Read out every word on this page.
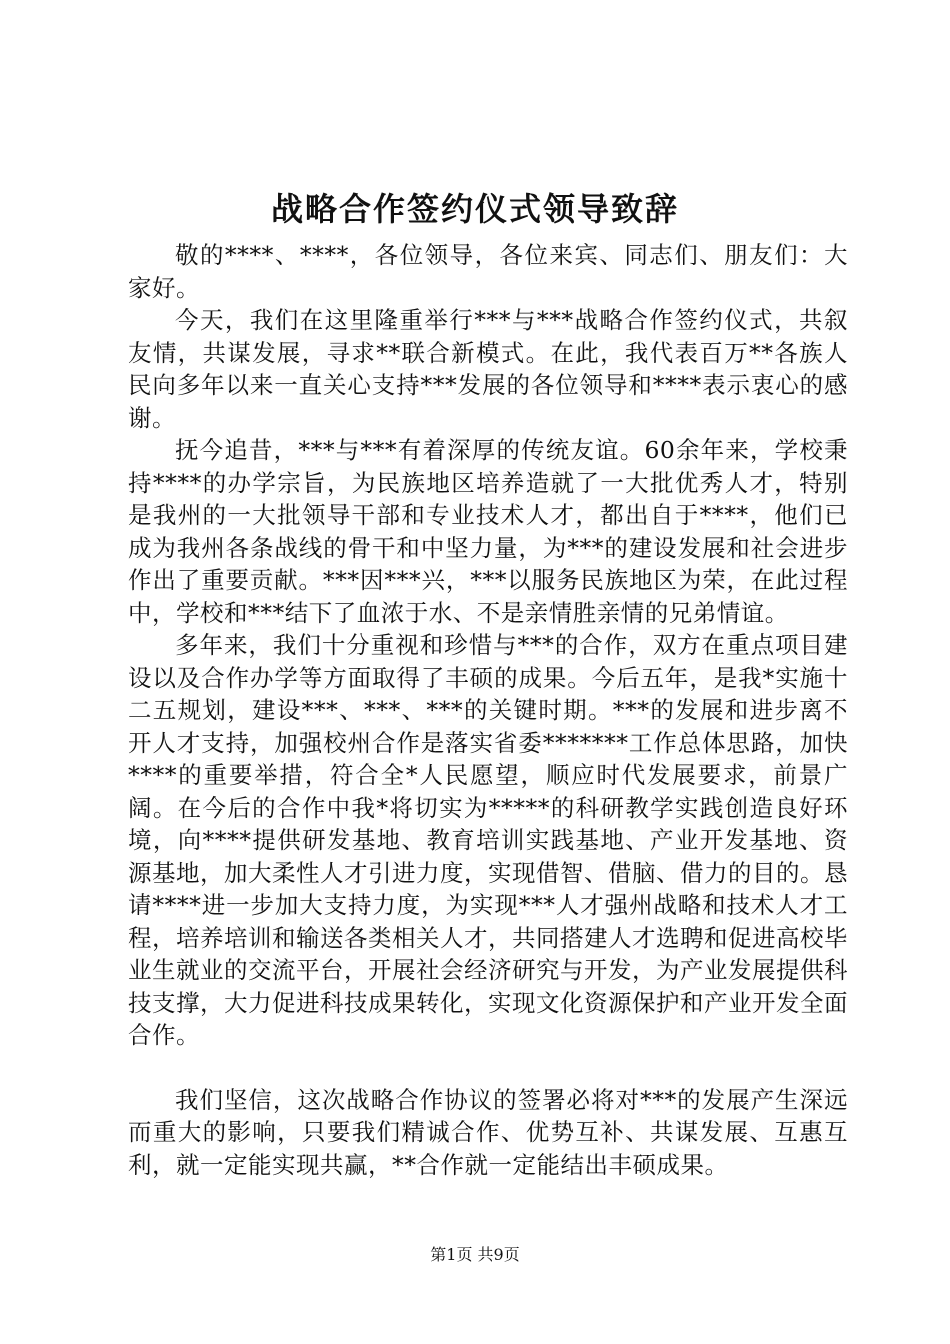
战略合作签约仪式领导致辞

敬的****、****，各位领导，各位来宾、同志们、朋友们：大家好。

今天，我们在这里隆重举行***与***战略合作签约仪式，共叙友情，共谋发展，寻求**联合新模式。在此，我代表百万**各族人民向多年以来一直关心支持***发展的各位领导和****表示衷心的感谢。

抚今追昔，***与***有着深厚的传统友谊。60余年来，学校秉持****的办学宗旨，为民族地区培养造就了一大批优秀人才，特别是我州的一大批领导干部和专业技术人才，都出自于****，他们已成为我州各条战线的骨干和中坚力量，为***的建设发展和社会进步作出了重要贡献。***因***兴，***以服务民族地区为荣，在此过程中，学校和***结下了血浓于水、不是亲情胜亲情的兄弟情谊。

多年来，我们十分重视和珍惜与***的合作，双方在重点项目建设以及合作办学等方面取得了丰硕的成果。今后五年，是我*实施十二五规划，建设***、***、***的关键时期。***的发展和进步离不开人才支持，加强校州合作是落实省委*******工作总体思路，加快****的重要举措，符合全*人民愿望，顺应时代发展要求，前景广阔。在今后的合作中我*将切实为*****的科研教学实践创造良好环境，向****提供研发基地、教育培训实践基地、产业开发基地、资源基地，加大柔性人才引进力度，实现借智、借脑、借力的目的。恳请****进一步加大支持力度，为实现***人才强州战略和技术人才工程，培养培训和输送各类相关人才，共同搭建人才选聘和促进高校毕业生就业的交流平台，开展社会经济研究与开发，为产业发展提供科技支撑，大力促进科技成果转化，实现文化资源保护和产业开发全面合作。

我们坚信，这次战略合作协议的签署必将对***的发展产生深远而重大的影响，只要我们精诚合作、优势互补、共谋发展、互惠互利，就一定能实现共赢，**合作就一定能结出丰硕成果。

第1页 共9页
